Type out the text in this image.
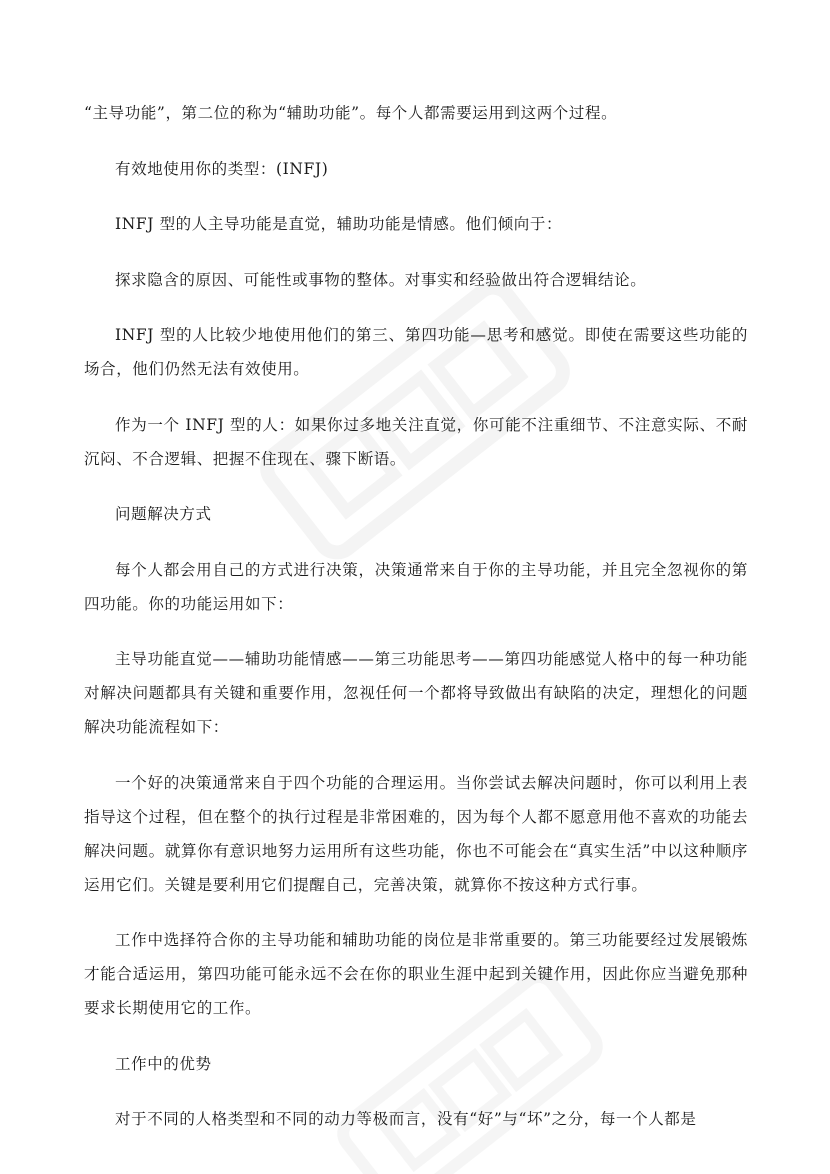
“主导功能”，第二位的称为“辅助功能”。每个人都需要运用到这两个过程。

有效地使用你的类型：(INFJ)

INFJ 型的人主导功能是直觉，辅助功能是情感。他们倾向于：

探求隐含的原因、可能性或事物的整体。对事实和经验做出符合逻辑结论。

INFJ 型的人比较少地使用他们的第三、第四功能—思考和感觉。即使在需要这些功能的场合，他们仍然无法有效使用。

作为一个 INFJ 型的人：如果你过多地关注直觉，你可能不注重细节、不注意实际、不耐沉闷、不合逻辑、把握不住现在、骤下断语。

问题解决方式

每个人都会用自己的方式进行决策，决策通常来自于你的主导功能，并且完全忽视你的第四功能。你的功能运用如下：

主导功能直觉——辅助功能情感——第三功能思考——第四功能感觉人格中的每一种功能对解决问题都具有关键和重要作用，忽视任何一个都将导致做出有缺陷的决定，理想化的问题解决功能流程如下：

一个好的决策通常来自于四个功能的合理运用。当你尝试去解决问题时，你可以利用上表指导这个过程，但在整个的执行过程是非常困难的，因为每个人都不愿意用他不喜欢的功能去解决问题。就算你有意识地努力运用所有这些功能，你也不可能会在“真实生活”中以这种顺序运用它们。关键是要利用它们提醒自己，完善决策，就算你不按这种方式行事。

工作中选择符合你的主导功能和辅助功能的岗位是非常重要的。第三功能要经过发展锻炼才能合适运用，第四功能可能永远不会在你的职业生涯中起到关键作用，因此你应当避免那种要求长期使用它的工作。

工作中的优势

对于不同的人格类型和不同的动力等极而言，没有“好”与“坏”之分，每一个人都是
